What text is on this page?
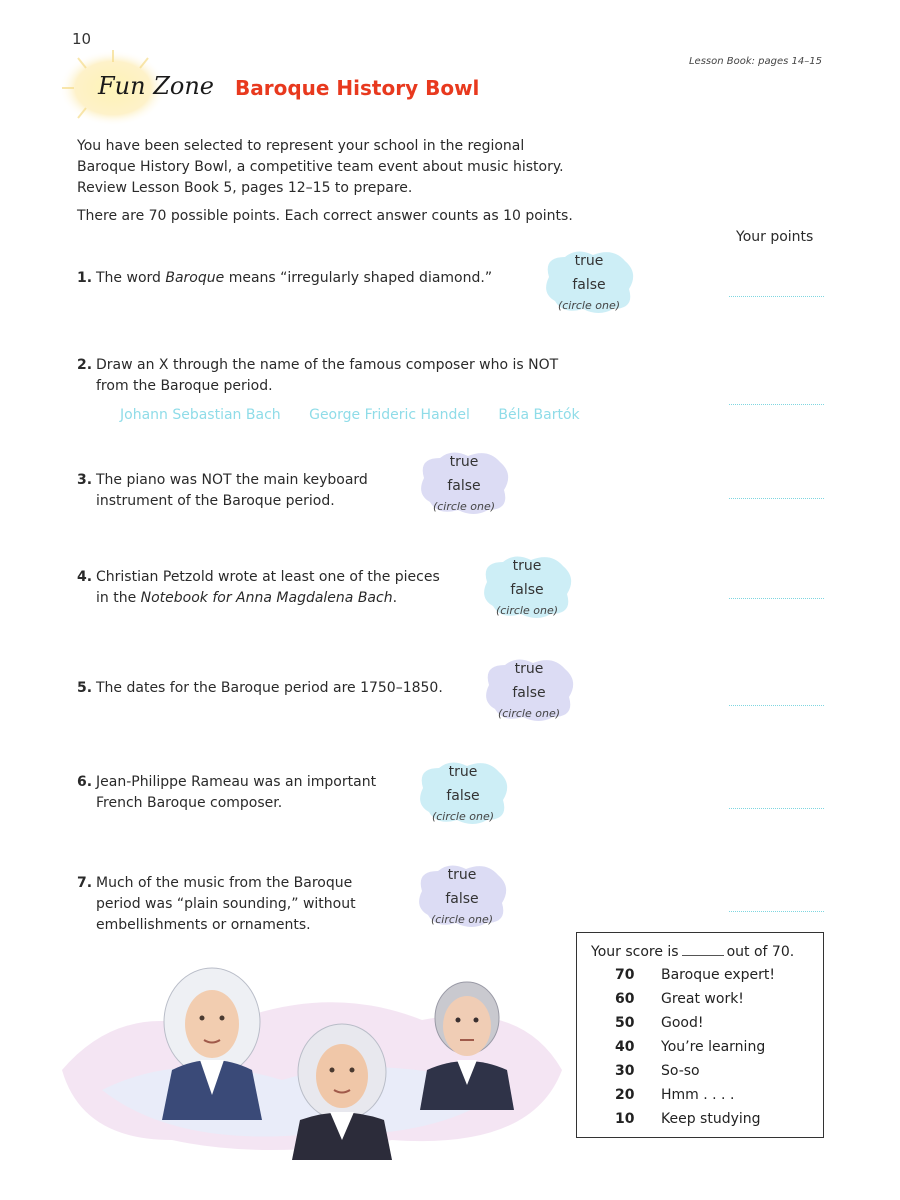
10
Lesson Book: pages 14–15
Fun Zone Baroque History Bowl
You have been selected to represent your school in the regional
Baroque History Bowl, a competitive team event about music history.
Review Lesson Book 5, pages 12–15 to prepare.
There are 70 possible points. Each correct answer counts as 10 points.
Your points
1. The word Baroque means “irregularly shaped diamond.”
true
false
(circle one)
2. Draw an X through the name of the famous composer who is NOT
from the Baroque period.
Johann Sebastian Bach George Frideric Handel Béla Bartók
3. The piano was NOT the main keyboard
instrument of the Baroque period.
true
false
(circle one)
4. Christian Petzold wrote at least one of the pieces
in the Notebook for Anna Magdalena Bach.
true
false
(circle one)
5. The dates for the Baroque period are 1750–1850.
true
false
(circle one)
6. Jean-Philippe Rameau was an important
French Baroque composer.
true
false
(circle one)
7. Much of the music from the Baroque
period was “plain sounding,” without
embellishments or ornaments.
true
false
(circle one)
Your score is	out of 70.
70 Baroque expert!
60 Great work!
50 Good!
40 You’re learning
30 So-so
20 Hmm . . . .
10 Keep studying
